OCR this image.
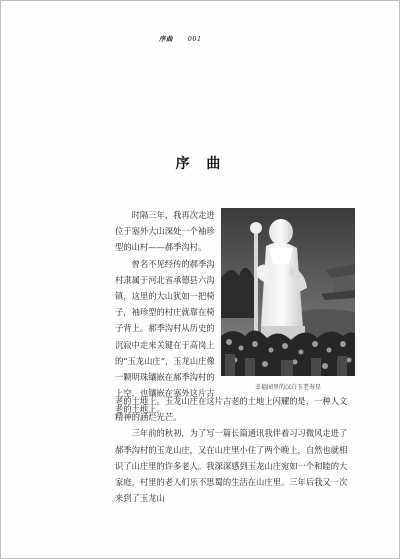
序曲 001
序 曲

时隔三年，我再次走进位于塞外大山深处一个袖珍型的山村——郝季沟村。

曾名不见经传的郝季沟村隶属于河北省承德县六沟镇，这里的大山犹如一把椅子，袖珍型的村庄就靠在椅子背上。郝季沟村从历史的沉寂中走来关键在于高岗上的“玉龙山庄”，玉龙山庄像一颗明珠镶嵌在郝季沟村的上空，也镶嵌在塞外这片古老的土地上。

老的土地上。玉龙山庄在这片古老的土地上闪耀的是，一种人文精神的涵烂光芒。

三年前的秋初，为了写一篇长篇通讯我伴着习习微风走进了郝季沟村的玉龙山庄，又在山庄里小住了两个晚上，自然也就相识了山庄里的许多老人。我深深感到玉龙山庄宛如一个和睦的大家庭，村里的老人们乐不思蜀的生活在山庄里。三年后我又一次来到了玉龙山

幸福园里的汉白玉老寿星
